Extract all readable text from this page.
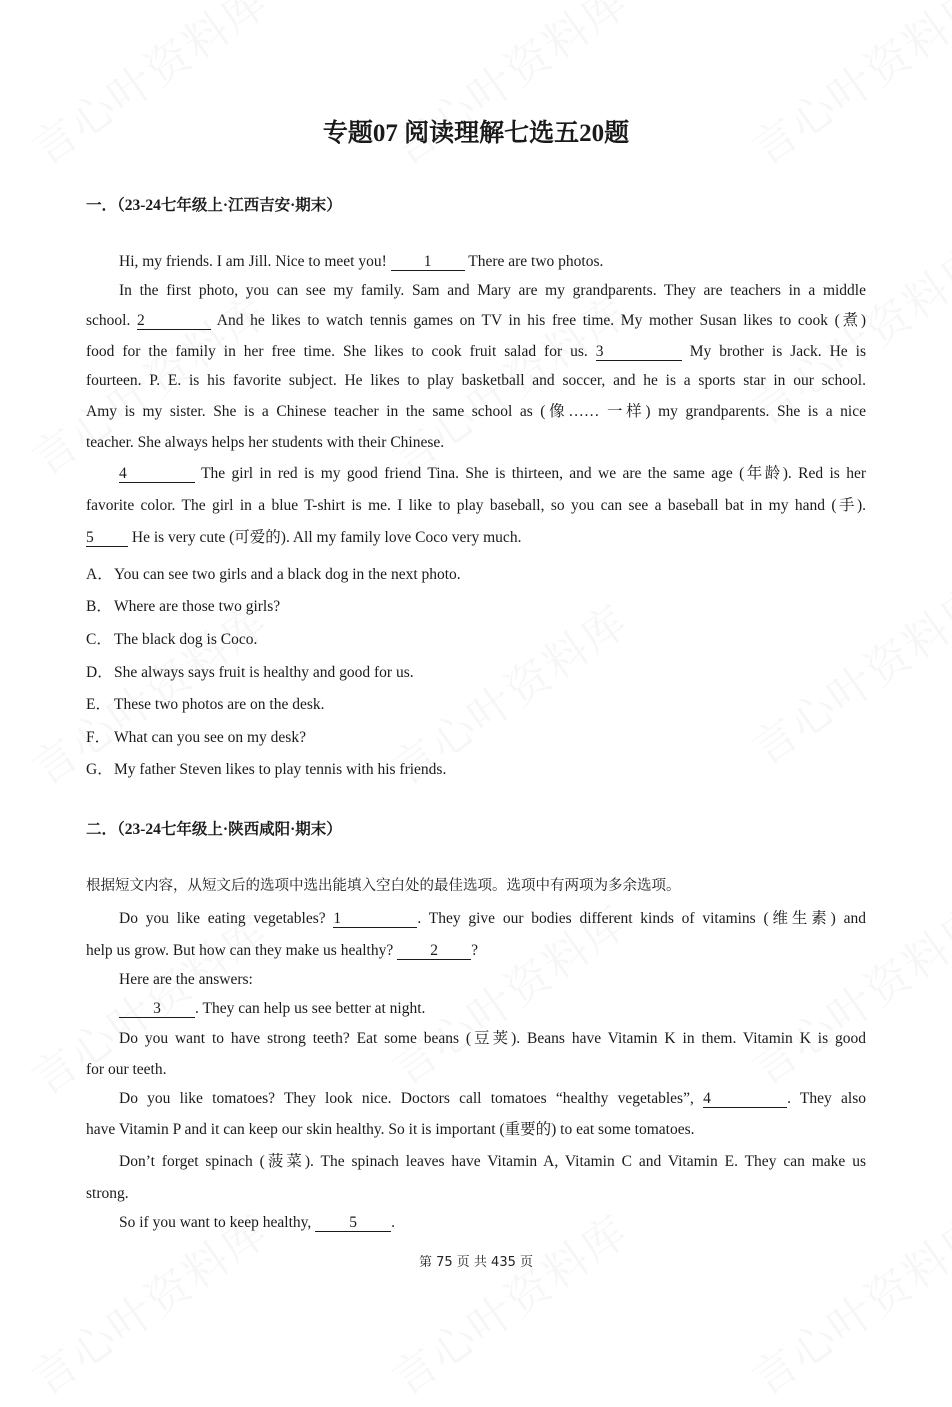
专题07 阅读理解七选五20题
一．（23-24七年级上·江西吉安·期末）
Hi, my friends. I am Jill. Nice to meet you! 1 There are two photos.
In the first photo, you can see my family. Sam and Mary are my grandparents. They are teachers in a middle
school. 2	And he likes to watch tennis games on TV in his free time. My mother Susan likes to cook (煮)
food for the family in her free time. She likes to cook fruit salad for us. 3	My brother is Jack. He is
fourteen. P. E. is his favorite subject. He likes to play basketball and soccer, and he is a sports star in our school.
Amy is my sister. She is a Chinese teacher in the same school as (像…… 一样) my grandparents. She is a nice
teacher. She always helps her students with their Chinese.
4	The girl in red is my good friend Tina. She is thirteen, and we are the same age (年龄). Red is her
favorite color. The girl in a blue T-shirt is me. I like to play baseball, so you can see a baseball bat in my hand (手).
5 He is very cute (可爱的). All my family love Coco very much.
A．You can see two girls and a black dog in the next photo.
B． Where are those two girls?
C． The black dog is Coco.
D．She always says fruit is healthy and good for us.
E． These two photos are on the desk.
F． What can you see on my desk?
G．My father Steven likes to play tennis with his friends.
二．（23-24七年级上·陕西咸阳·期末）
根据短文内容，从短文后的选项中选出能填入空白处的最佳选项。选项中有两项为多余选项。
Do you like eating vegetables? 1	. They give our bodies different kinds of vitamins (维生素) and
help us grow. But how can they make us healthy? 2 ?
Here are the answers:
3 . They can help us see better at night.
Do you want to have strong teeth? Eat some beans (豆荚). Beans have Vitamin K in them. Vitamin K is good
for our teeth.
Do you like tomatoes? They look nice. Doctors call tomatoes “healthy vegetables”, 4	. They also
have Vitamin P and it can keep our skin healthy. So it is important (重要的) to eat some tomatoes.
Don’t forget spinach (菠菜). The spinach leaves have Vitamin A, Vitamin C and Vitamin E. They can make us
strong.
So if you want to keep healthy, 5 .
第 75 页 共 435 页
